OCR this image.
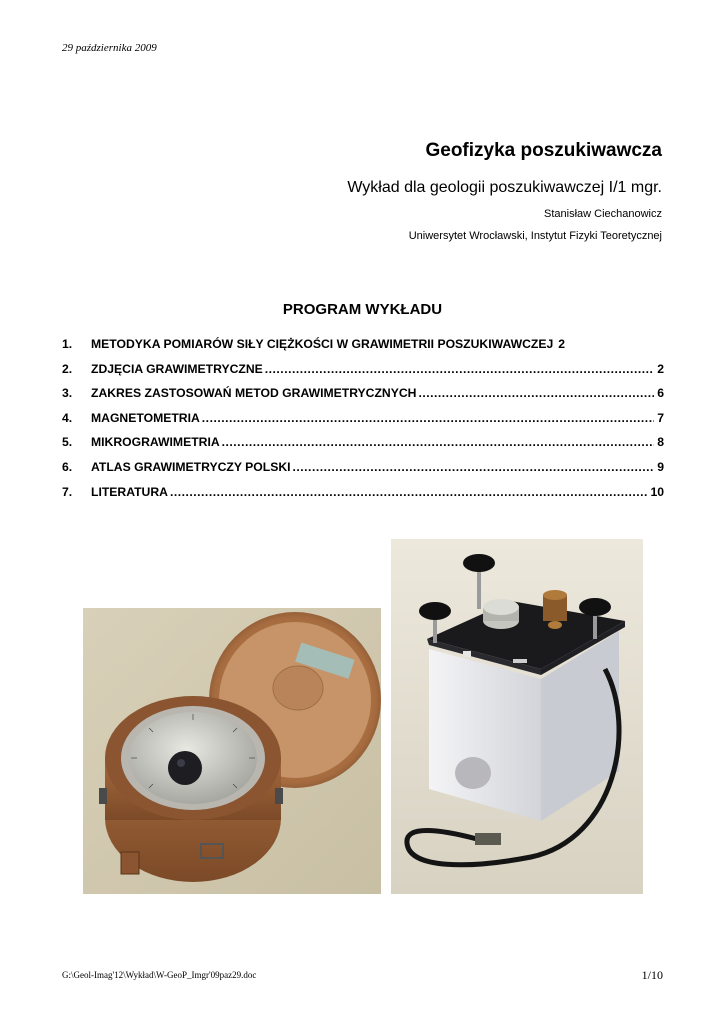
29 października 2009
Geofizyka poszukiwawcza
Wykład dla geologii poszukiwawczej I/1 mgr.
Stanisław Ciechanowicz
Uniwersytet Wrocławski, Instytut Fizyki Teoretycznej
PROGRAM WYKŁADU
1.	METODYKA POMIARÓW SIŁY CIĘŻKOŚCI W GRAWIMETRII POSZUKIWAWCZEJ 2
2.	ZDJĘCIA GRAWIMETRYCZNE .....	2
3.	ZAKRES ZASTOSOWAŃ METOD GRAWIMETRYCZNYCH .....	6
4.	MAGNETOMETRIA .....	7
5.	MIKROGRAWIMETRIA .....	8
6.	ATLAS GRAWIMETRYCZY POLSKI .....	9
7.	LITERATURA .....	10
G:\Geol-Imag'12\Wykład\W-GeoP_Imgr'09paz29.doc	1/10
